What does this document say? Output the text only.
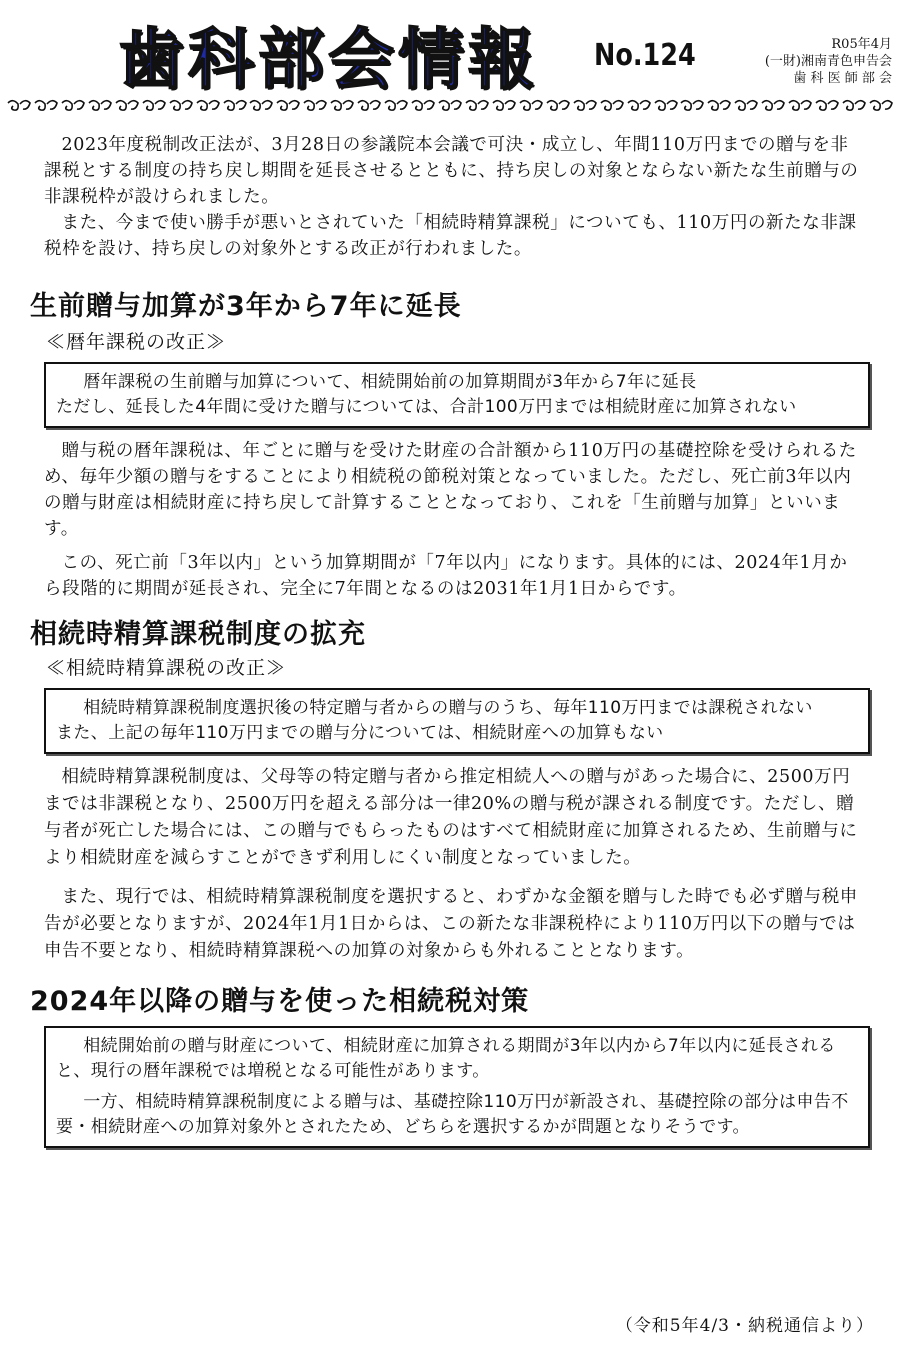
歯科部会情報 No.124	R05年4月
(一財)湘南青色申告会
歯 科 医 師 部 会

2023年度税制改正法が、3月28日の参議院本会議で可決・成立し、年間110万円までの贈与を非課税とする制度の持ち戻し期間を延長させるとともに、持ち戻しの対象とならない新たな生前贈与の非課税枠が設けられました。

また、今まで使い勝手が悪いとされていた「相続時精算課税」についても、110万円の新たな非課税枠を設け、持ち戻しの対象外とする改正が行われました。

生前贈与加算が3年から7年に延長
≪暦年課税の改正≫
暦年課税の生前贈与加算について、相続開始前の加算期間が3年から7年に延長
ただし、延長した4年間に受けた贈与については、合計100万円までは相続財産に加算されない

贈与税の暦年課税は、年ごとに贈与を受けた財産の合計額から110万円の基礎控除を受けられるため、毎年少額の贈与をすることにより相続税の節税対策となっていました。ただし、死亡前3年以内の贈与財産は相続財産に持ち戻して計算することとなっており、これを「生前贈与加算」といいます。

この、死亡前「3年以内」という加算期間が「7年以内」になります。具体的には、2024年1月から段階的に期間が延長され、完全に7年間となるのは2031年1月1日からです。

相続時精算課税制度の拡充
≪相続時精算課税の改正≫
相続時精算課税制度選択後の特定贈与者からの贈与のうち、毎年110万円までは課税されない
また、上記の毎年110万円までの贈与分については、相続財産への加算もない

相続時精算課税制度は、父母等の特定贈与者から推定相続人への贈与があった場合に、2500万円までは非課税となり、2500万円を超える部分は一律20%の贈与税が課される制度です。ただし、贈与者が死亡した場合には、この贈与でもらったものはすべて相続財産に加算されるため、生前贈与により相続財産を減らすことができず利用しにくい制度となっていました。

また、現行では、相続時精算課税制度を選択すると、わずかな金額を贈与した時でも必ず贈与税申告が必要となりますが、2024年1月1日からは、この新たな非課税枠により110万円以下の贈与では申告不要となり、相続時精算課税への加算の対象からも外れることとなります。

2024年以降の贈与を使った相続税対策
相続開始前の贈与財産について、相続財産に加算される期間が3年以内から7年以内に延長されると、現行の暦年課税では増税となる可能性があります。
一方、相続時精算課税制度による贈与は、基礎控除110万円が新設され、基礎控除の部分は申告不要・相続財産への加算対象外とされたため、どちらを選択するかが問題となりそうです。
（令和5年4/3・納税通信より）
